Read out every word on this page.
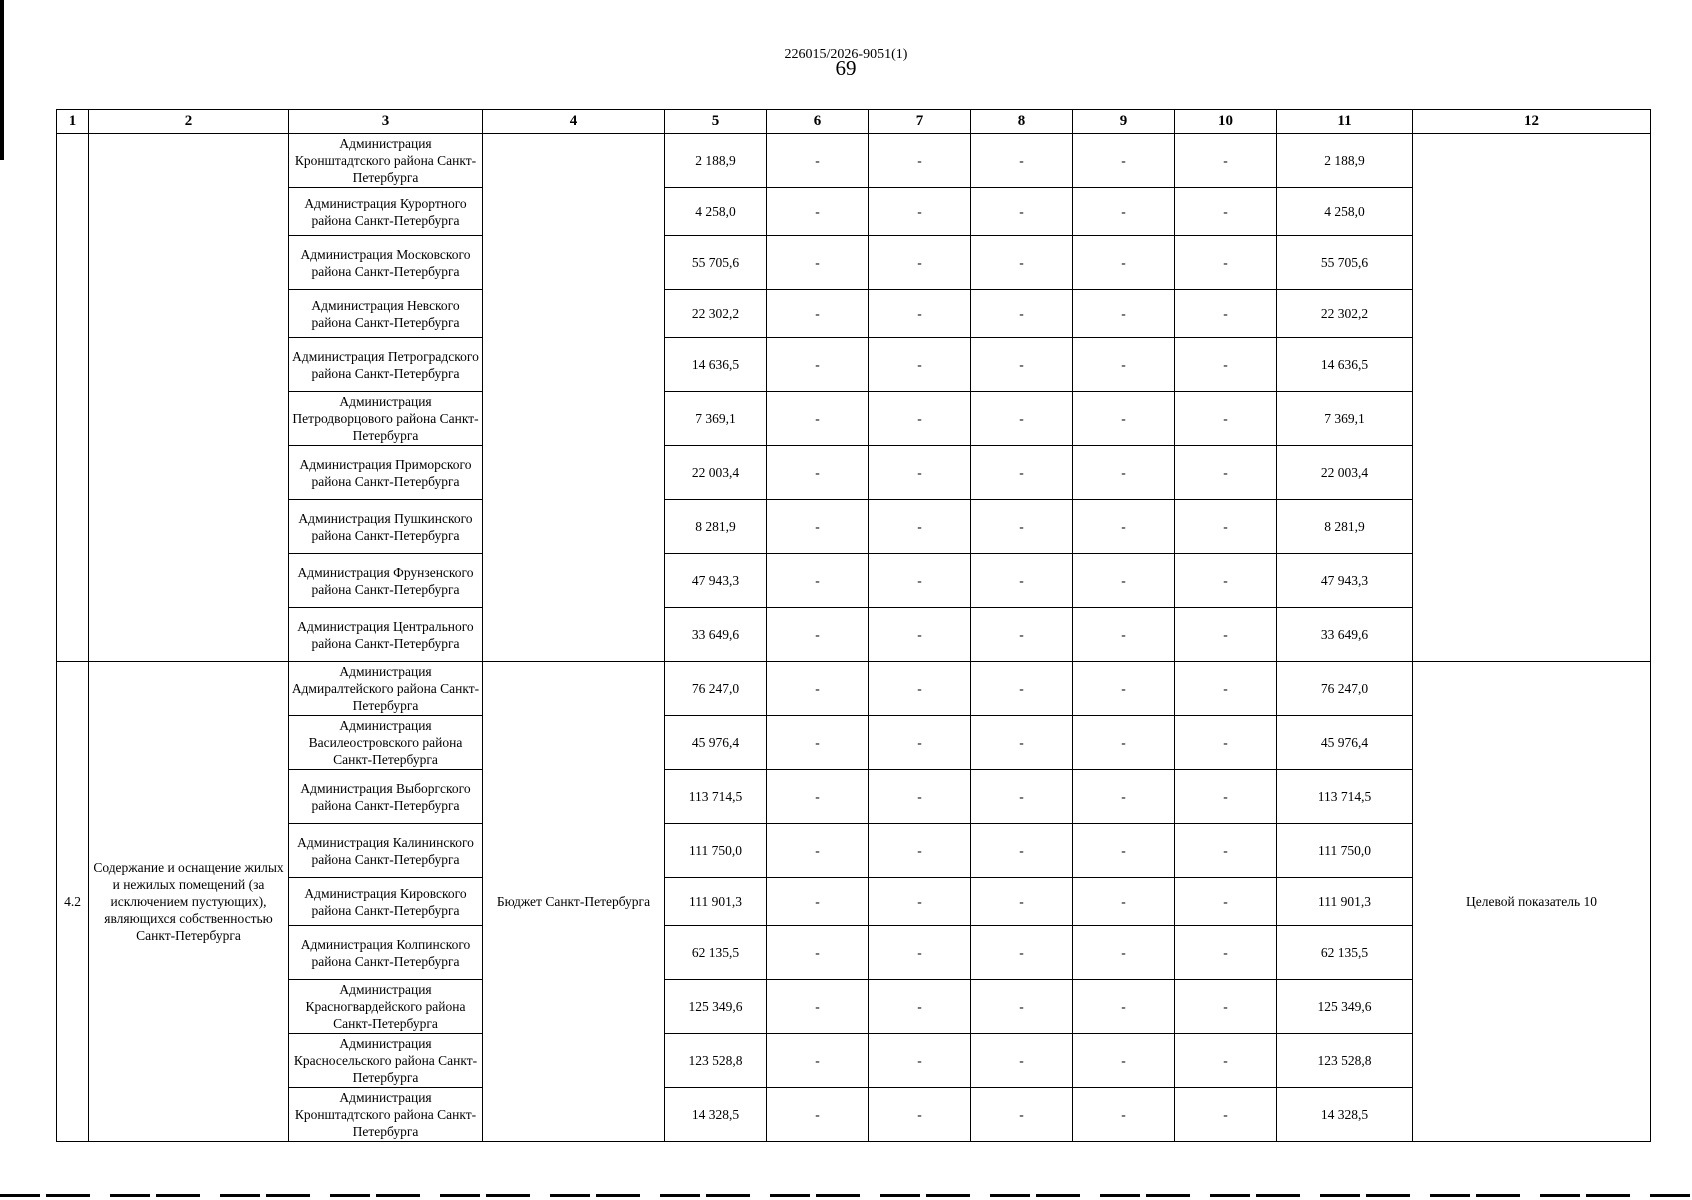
226015/2026-9051(1)
69
1	2	3	4	5	6	7	8	9	10	11	12
		Администрация Кронштадтского района Санкт-Петербурга		2 188,9	-	-	-	-	-	2 188,9	
		Администрация Курортного района Санкт-Петербурга		4 258,0	-	-	-	-	-	4 258,0	
		Администрация Московского района Санкт-Петербурга		55 705,6	-	-	-	-	-	55 705,6	
		Администрация Невского района Санкт-Петербурга		22 302,2	-	-	-	-	-	22 302,2	
		Администрация Петроградского района Санкт-Петербурга		14 636,5	-	-	-	-	-	14 636,5	
		Администрация Петродворцового района Санкт-Петербурга		7 369,1	-	-	-	-	-	7 369,1	
		Администрация Приморского района Санкт-Петербурга		22 003,4	-	-	-	-	-	22 003,4	
		Администрация Пушкинского района Санкт-Петербурга		8 281,9	-	-	-	-	-	8 281,9	
		Администрация Фрунзенского района Санкт-Петербурга		47 943,3	-	-	-	-	-	47 943,3	
		Администрация Центрального района Санкт-Петербурга		33 649,6	-	-	-	-	-	33 649,6	
4.2	Содержание и оснащение жилых и нежилых помещений (за исключением пустующих), являющихся собственностью Санкт-Петербурга	Администрация Адмиралтейского района Санкт-Петербурга	Бюджет Санкт-Петербурга	76 247,0	-	-	-	-	-	76 247,0	Целевой показатель 10
		Администрация Василеостровского района Санкт-Петербурга		45 976,4	-	-	-	-	-	45 976,4	
		Администрация Выборгского района Санкт-Петербурга		113 714,5	-	-	-	-	-	113 714,5	
		Администрация Калининского района Санкт-Петербурга		111 750,0	-	-	-	-	-	111 750,0	
		Администрация Кировского района Санкт-Петербурга		111 901,3	-	-	-	-	-	111 901,3	
		Администрация Колпинского района Санкт-Петербурга		62 135,5	-	-	-	-	-	62 135,5	
		Администрация Красногвардейского района Санкт-Петербурга		125 349,6	-	-	-	-	-	125 349,6	
		Администрация Красносельского района Санкт-Петербурга		123 528,8	-	-	-	-	-	123 528,8	
		Администрация Кронштадтского района Санкт-Петербурга		14 328,5	-	-	-	-	-	14 328,5	
